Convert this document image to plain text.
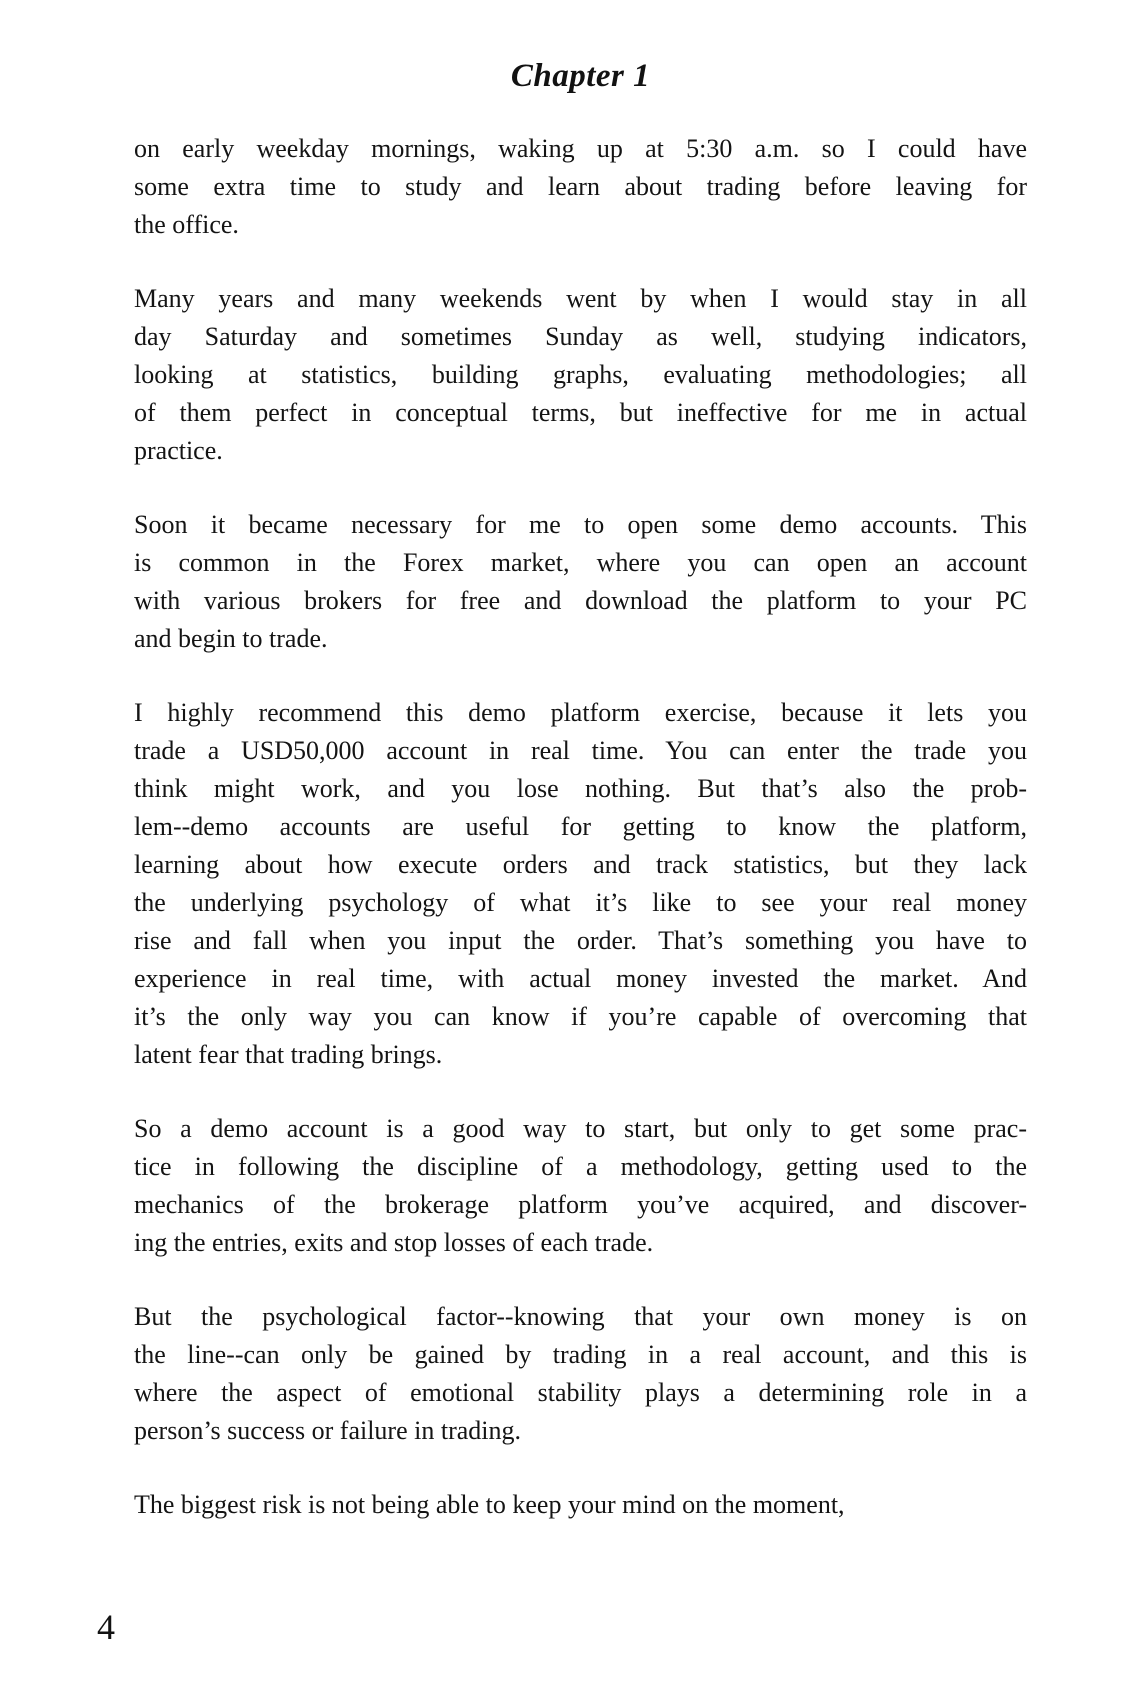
Chapter 1
on early weekday mornings, waking up at 5:30 a.m. so I could have
some extra time to study and learn about trading before leaving for
the office.
Many years and many weekends went by when I would stay in all
day Saturday and sometimes Sunday as well, studying indicators,
looking at statistics, building graphs, evaluating methodologies; all
of them perfect in conceptual terms, but ineffective for me in actual
practice.
Soon it became necessary for me to open some demo accounts. This
is common in the Forex market, where you can open an account
with various brokers for free and download the platform to your PC
and begin to trade.
I highly recommend this demo platform exercise, because it lets you
trade a USD50,000 account in real time. You can enter the trade you
think might work, and you lose nothing. But that’s also the prob-
lem--demo accounts are useful for getting to know the platform,
learning about how execute orders and track statistics, but they lack
the underlying psychology of what it’s like to see your real money
rise and fall when you input the order. That’s something you have to
experience in real time, with actual money invested the market. And
it’s the only way you can know if you’re capable of overcoming that
latent fear that trading brings.
So a demo account is a good way to start, but only to get some prac-
tice in following the discipline of a methodology, getting used to the
mechanics of the brokerage platform you’ve acquired, and discover-
ing the entries, exits and stop losses of each trade.
But the psychological factor--knowing that your own money is on
the line--can only be gained by trading in a real account, and this is
where the aspect of emotional stability plays a determining role in a
person’s success or failure in trading.
The biggest risk is not being able to keep your mind on the moment,
4
